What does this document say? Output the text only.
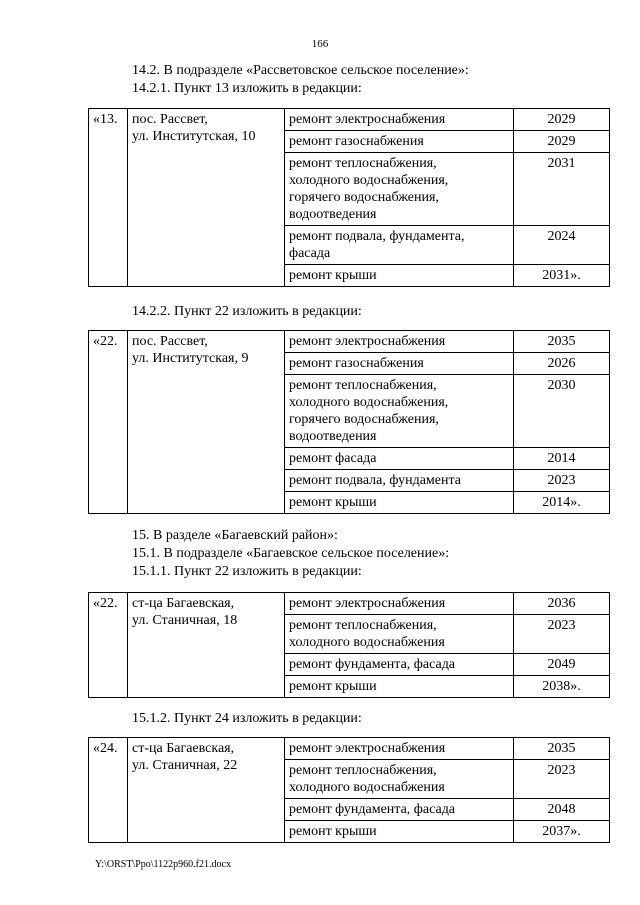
166
14.2. В подразделе «Рассветовское сельское поселение»:
14.2.1. Пункт 13 изложить в редакции:
«13.	пос. Рассвет,
ул. Институтская, 10	ремонт электроснабжения	2029

		ремонт газоснабжения	2029

		ремонт теплоснабжения,
холодного водоснабжения,
горячего водоснабжения,
водоотведения	2031

		ремонт подвала, фундамента,
фасада	2024

		ремонт крыши	2031».
14.2.2. Пункт 22 изложить в редакции:
«22.	пос. Рассвет,
ул. Институтская, 9	ремонт электроснабжения	2035

		ремонт газоснабжения	2026

		ремонт теплоснабжения,
холодного водоснабжения,
горячего водоснабжения,
водоотведения	2030

		ремонт фасада	2014

		ремонт подвала, фундамента	2023

		ремонт крыши	2014».
15. В разделе «Багаевский район»:
15.1. В подразделе «Багаевское сельское поселение»:
15.1.1. Пункт 22 изложить в редакции:
«22.	ст-ца Багаевская,
ул. Станичная, 18	ремонт электроснабжения	2036

		ремонт теплоснабжения,
холодного водоснабжения	2023

		ремонт фундамента, фасада	2049

		ремонт крыши	2038».
15.1.2. Пункт 24 изложить в редакции:
«24.	ст-ца Багаевская,
ул. Станичная, 22	ремонт электроснабжения	2035

		ремонт теплоснабжения,
холодного водоснабжения	2023

		ремонт фундамента, фасада	2048

		ремонт крыши	2037».
Y:\ORST\Ppo\1122p960.f21.docx
